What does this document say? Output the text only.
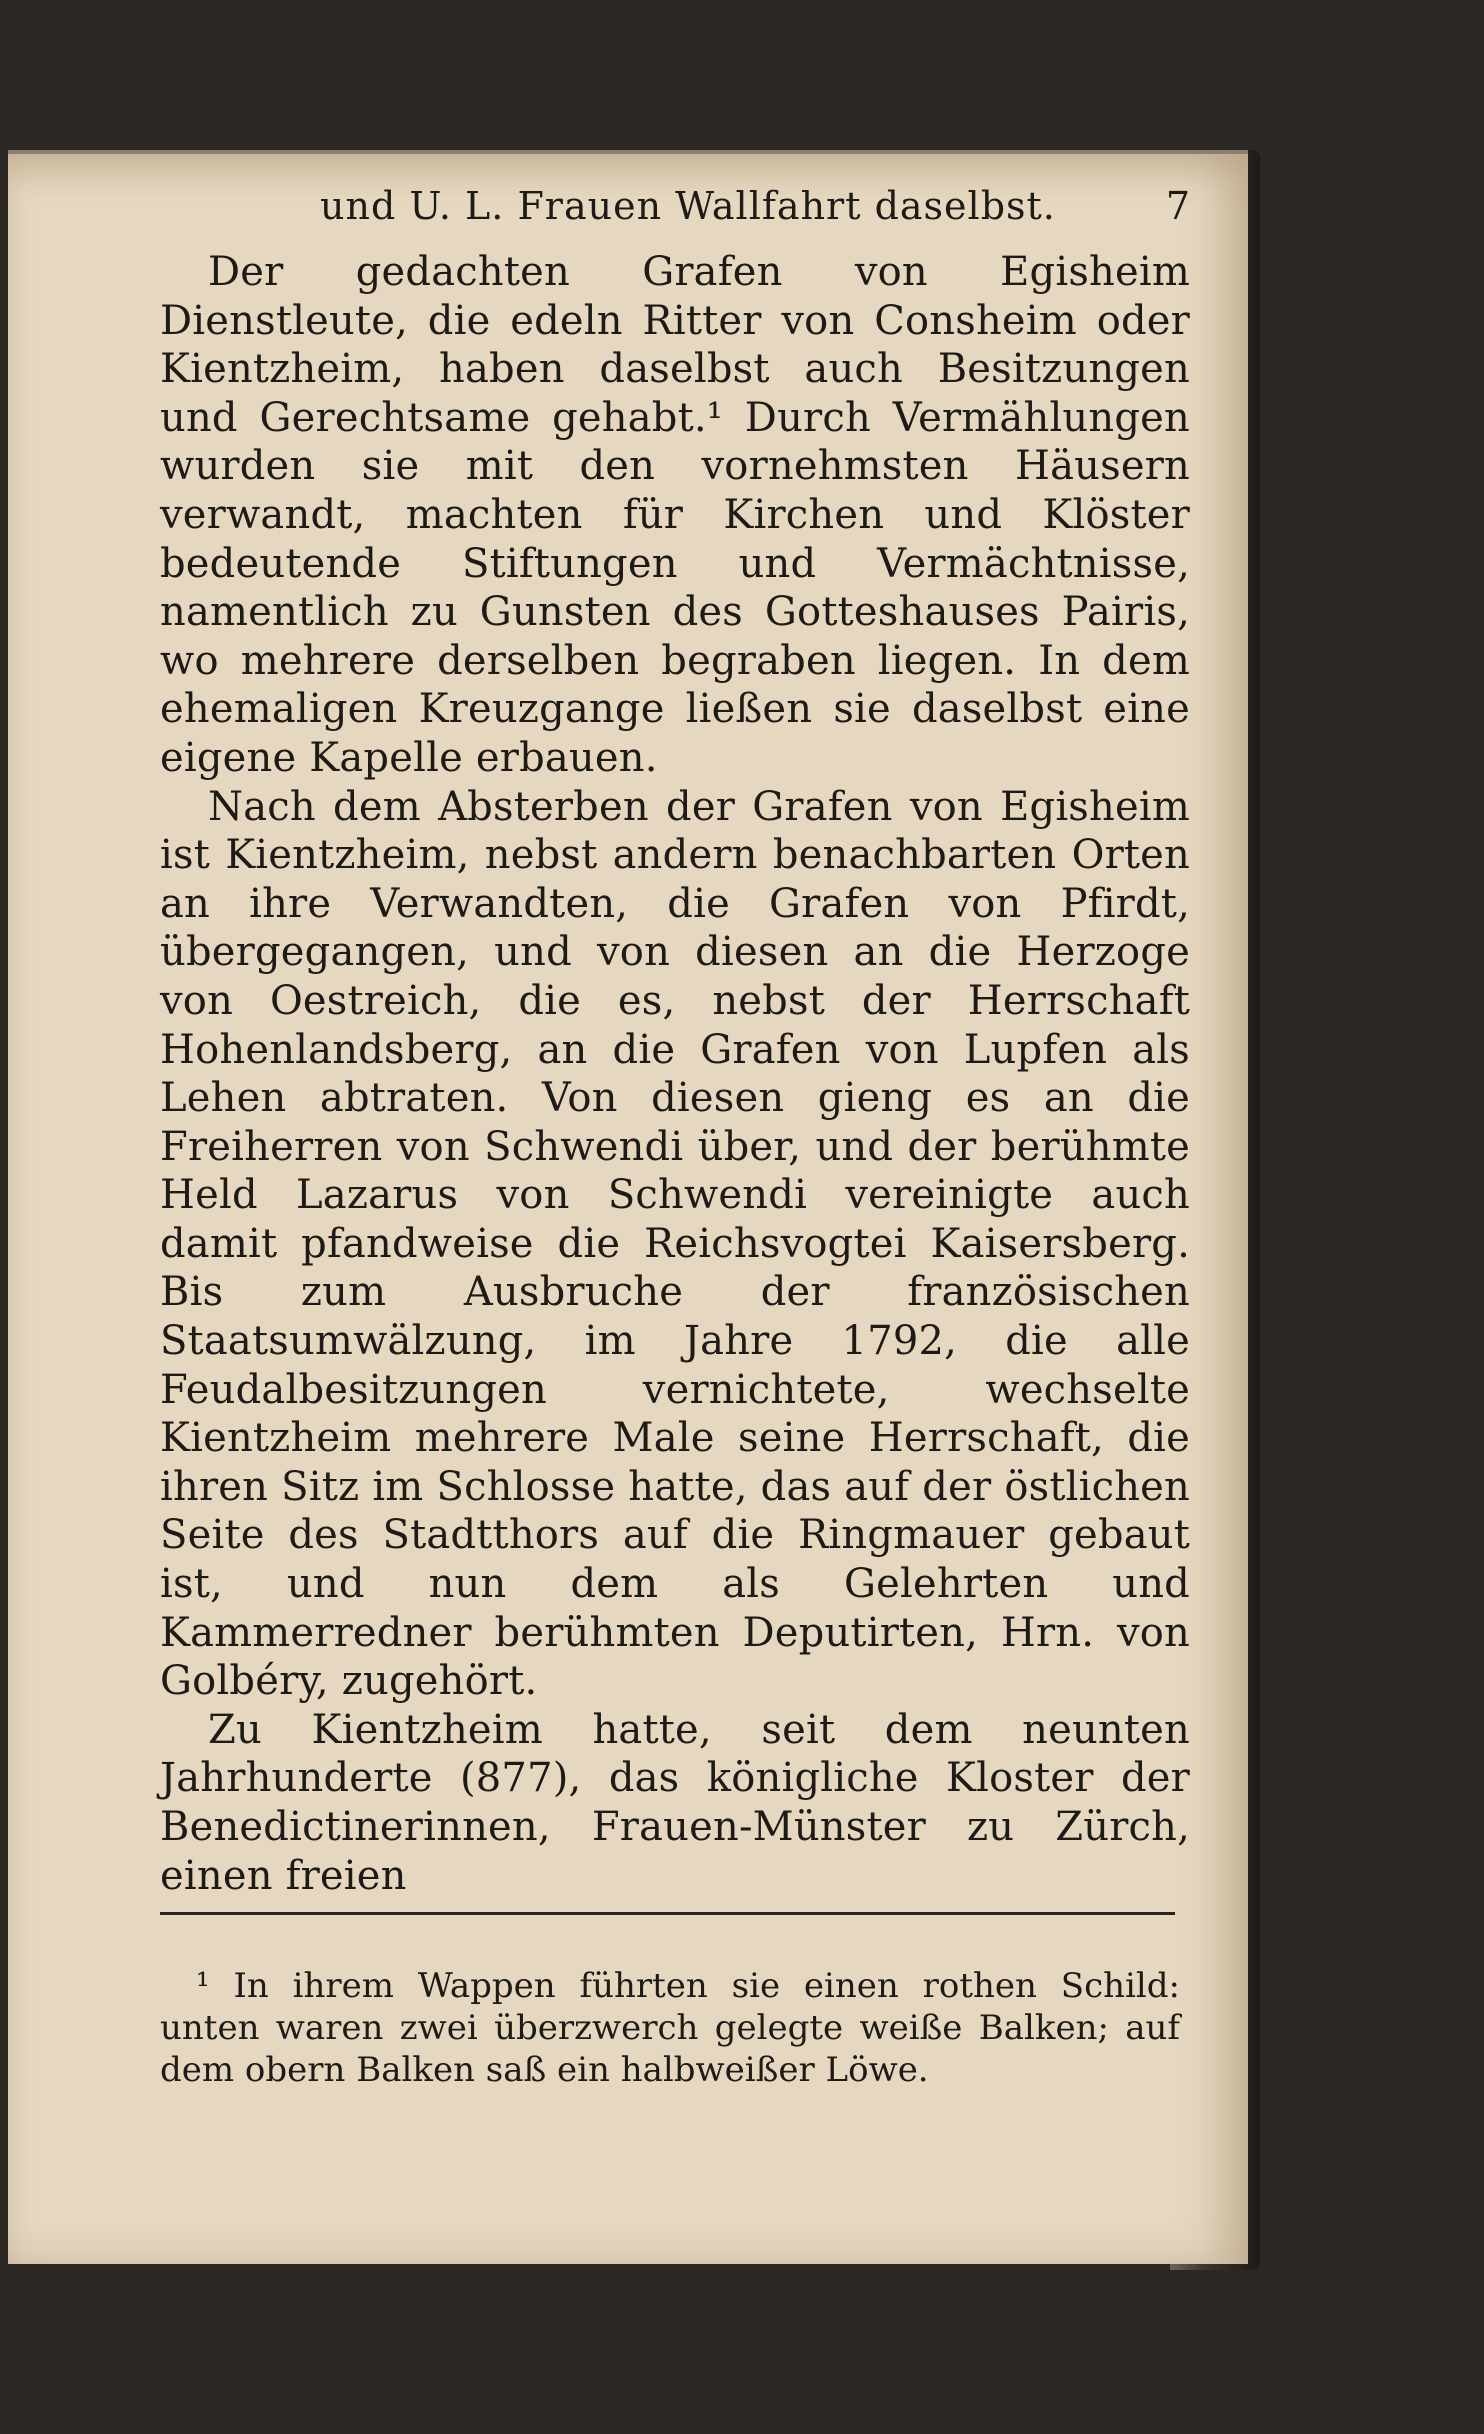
und U. L. Frauen Wallfahrt daselbst.	7

Der gedachten Grafen von Egisheim Dienstleute, die edeln Ritter von Consheim oder Kientzheim, haben daselbst auch Besitzungen und Gerechtsame gehabt.¹ Durch Vermählungen wurden sie mit den vornehmsten Häusern verwandt, machten für Kirchen und Klöster bedeutende Stiftungen und Vermächtnisse, namentlich zu Gunsten des Gotteshauses Pairis, wo mehrere derselben begraben liegen. In dem ehemaligen Kreuzgange ließen sie daselbst eine eigene Kapelle erbauen.

Nach dem Absterben der Grafen von Egisheim ist Kientzheim, nebst andern benachbarten Orten an ihre Verwandten, die Grafen von Pfirdt, übergegangen, und von diesen an die Herzoge von Oestreich, die es, nebst der Herrschaft Hohenlandsberg, an die Grafen von Lupfen als Lehen abtraten. Von diesen gieng es an die Freiherren von Schwendi über, und der berühmte Held Lazarus von Schwendi vereinigte auch damit pfandweise die Reichsvogtei Kaisersberg. Bis zum Ausbruche der französischen Staatsumwälzung, im Jahre 1792, die alle Feudalbesitzungen vernichtete, wechselte Kientzheim mehrere Male seine Herrschaft, die ihren Sitz im Schlosse hatte, das auf der östlichen Seite des Stadtthors auf die Ringmauer gebaut ist, und nun dem als Gelehrten und Kammerredner berühmten Deputirten, Hrn. von Golbéry, zugehört.

Zu Kientzheim hatte, seit dem neunten Jahrhunderte (877), das königliche Kloster der Benedictinerinnen, Frauen-Münster zu Zürch, einen freien

¹ In ihrem Wappen führten sie einen rothen Schild: unten waren zwei überzwerch gelegte weiße Balken; auf dem obern Balken saß ein halbweißer Löwe.
